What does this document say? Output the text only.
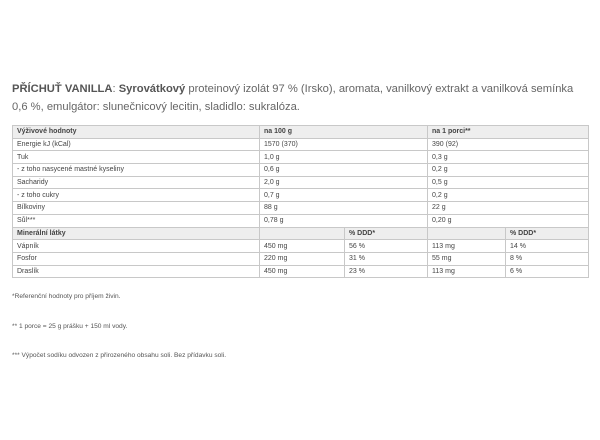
PŘÍCHUŤ VANILLA: Syrovátkový proteinový izolát 97 % (Irsko), aromata, vanilkový extrakt a vanilková semínka 0,6 %, emulgátor: slunečnicový lecitin, sladidlo: sukralóza.

Výživové hodnoty	na 100 g		na 1 porci**	
Energie kJ (kCal)	1570 (370)		390 (92)	
Tuk	1,0 g		0,3 g	
- z toho nasycené mastné kyseliny	0,6 g		0,2 g	
Sacharidy	2,0 g		0,5 g	
- z toho cukry	0,7 g		0,2 g	
Bílkoviny	88 g		22 g	
Sůl***	0,78 g		0,20 g	
Minerální látky		% DDD*		% DDD*
Vápník	450 mg	56 %	113 mg	14 %
Fosfor	220 mg	31 %	55 mg	8 %
Draslík	450 mg	23 %	113 mg	6 %
*Referenční hodnoty pro příjem živin.
** 1 porce = 25 g prášku + 150 ml vody.
*** Výpočet sodíku odvozen z přirozeného obsahu soli. Bez přídavku soli.
